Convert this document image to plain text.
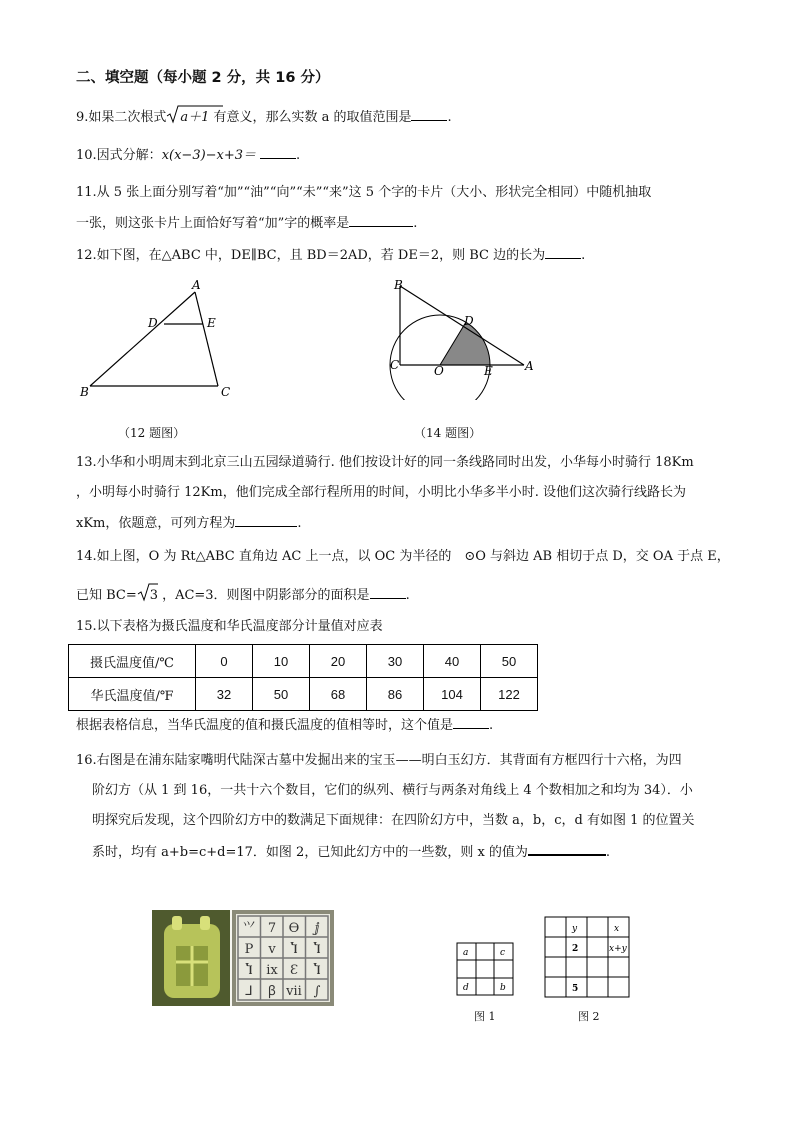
二、填空题（每小题 2 分，共 16 分）
9.如果二次根式 a＋1 有意义，那么实数 a 的取值范围是	.
10.因式分解：x(x−3)−x+3＝	.
11.从 5 张上面分别写着“加”“油”“向”“未”“来”这 5 个字的卡片（大小、形状完全相同）中随机抽取
一张，则这张卡片上面恰好写着“加”字的概率是	.
12.如下图，在△ABC 中，DE∥BC，且 BD＝2AD，若 DE＝2，则 BC 边的长为	.
A
D	E
B	C
（12 题图）
B
D
C	O	E	A
（14 题图）
13.小华和小明周末到北京三山五园绿道骑行. 他们按设计好的同一条线路同时出发，小华每小时骑行 18Km
，小明每小时骑行 12Km，他们完成全部行程所用的时间，小明比小华多半小时. 设他们这次骑行线路长为
xKm，依题意，可列方程为	.
14.如上图，O 为 Rt△ABC 直角边 AC 上一点，以 OC 为半径的　⊙O 与斜边 AB 相切于点 D，交 OA 于点 E，
已知 BC= 3 ，AC=3．则图中阴影部分的面积是	.
15.以下表格为摄氏温度和华氏温度部分计量值对应表
摄氏温度值/℃	0	10	20	30	40	50
华氏温度值/℉	32	50	68	86	104	122
根据表格信息，当华氏温度的值和摄氏温度的值相等时，这个值是	.
16.右图是在浦东陆家嘴明代陆深古墓中发掘出来的宝玉——明白玉幻方．其背面有方框四行十六格，为四
阶幻方（从 1 到 16，一共十六个数目，它们的纵列、横行与两条对角线上 4 个数相加之和均为 34）．小
明探究后发现，这个四阶幻方中的数满足下面规律：在四阶幻方中，当数 a，b，c，d 有如图 1 的位置关
系时，均有 a+b=c+d=17．如图 2，已知此幻方中的一些数，则 x 的值为	.
⺍ 7 Ɵ ⅉ
P ⅴ Ⴈ Ⴈ
Ⴈ ⅸ Ɛ Ⴈ
⅃ ꞵ ⅶ ∫
a	c
d	b
图 1
y	x
2	x+y
5
图 2
